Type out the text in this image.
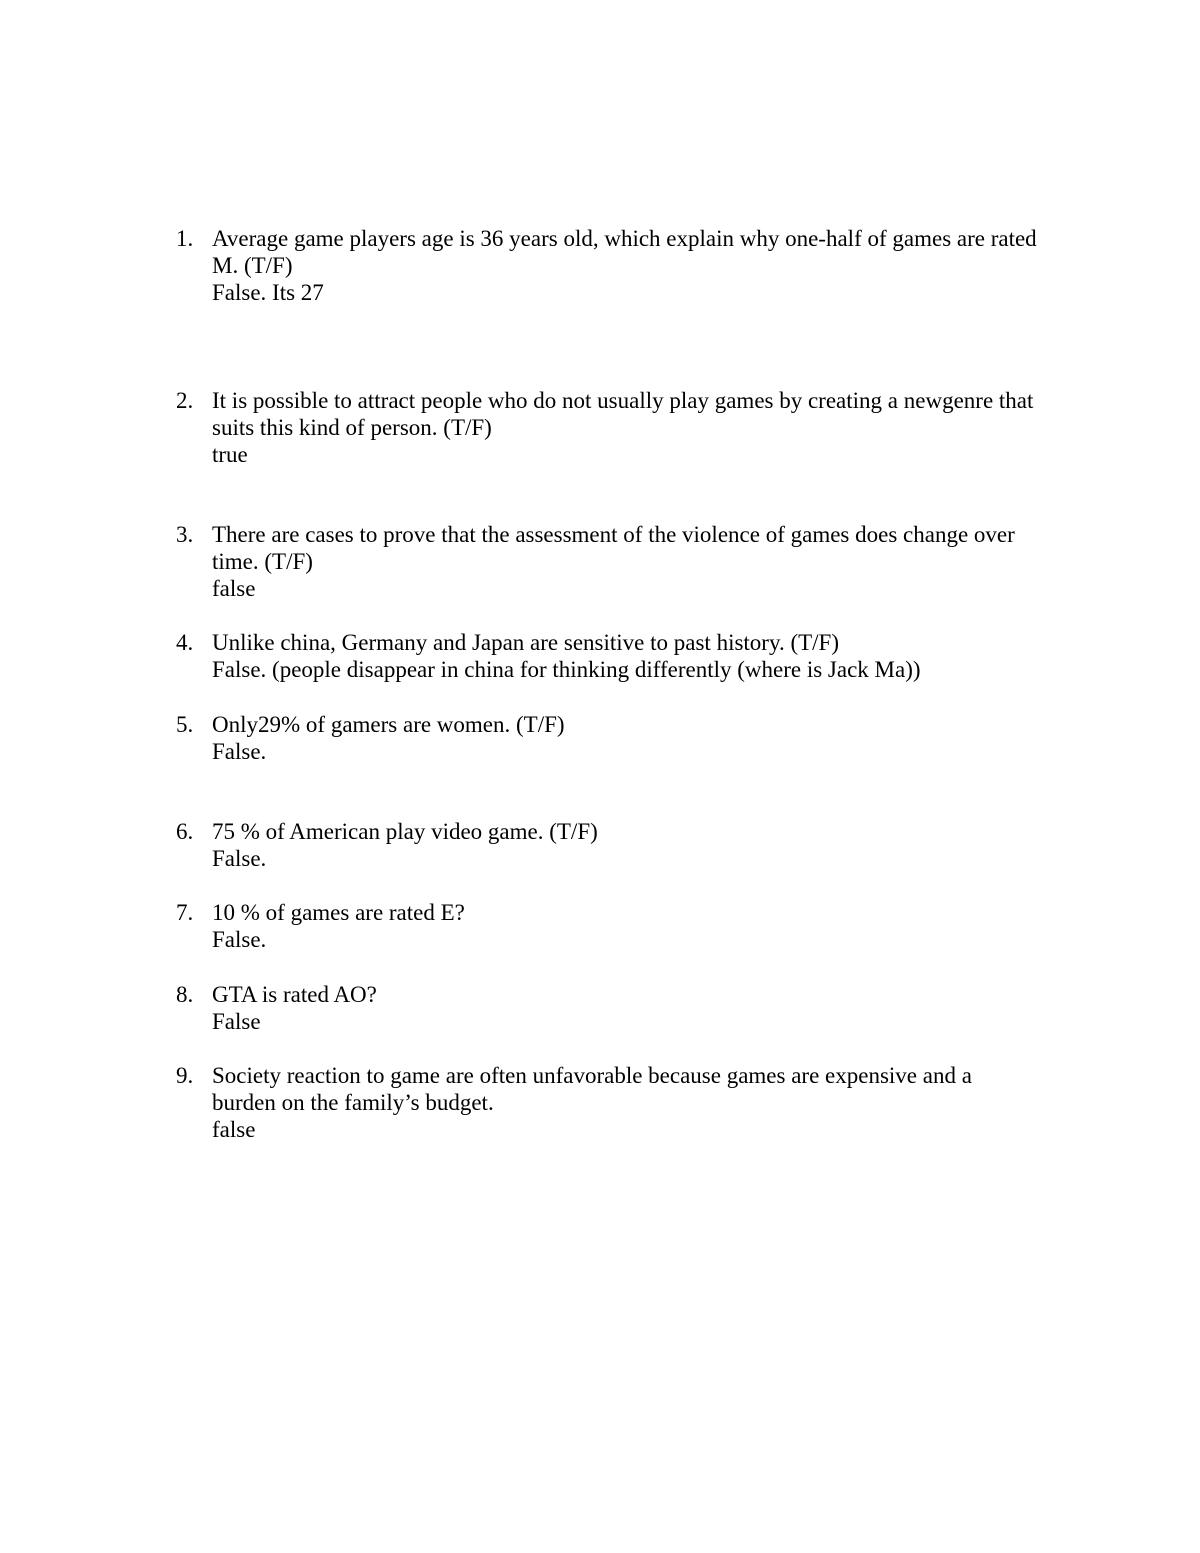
1. Average game players age is 36 years old, which explain why one-half of games are rated
M. (T/F)
False. Its 27
2. It is possible to attract people who do not usually play games by creating a newgenre that
suits this kind of person. (T/F)
true
3. There are cases to prove that the assessment of the violence of games does change over
time. (T/F)
false
4. Unlike china, Germany and Japan are sensitive to past history. (T/F)
False. (people disappear in china for thinking differently (where is Jack Ma))
5. Only29% of gamers are women. (T/F)
False.
6. 75 % of American play video game. (T/F)
False.
7. 10 % of games are rated E?
False.
8. GTA is rated AO?
False
9. Society reaction to game are often unfavorable because games are expensive and a
burden on the family’s budget.
false
